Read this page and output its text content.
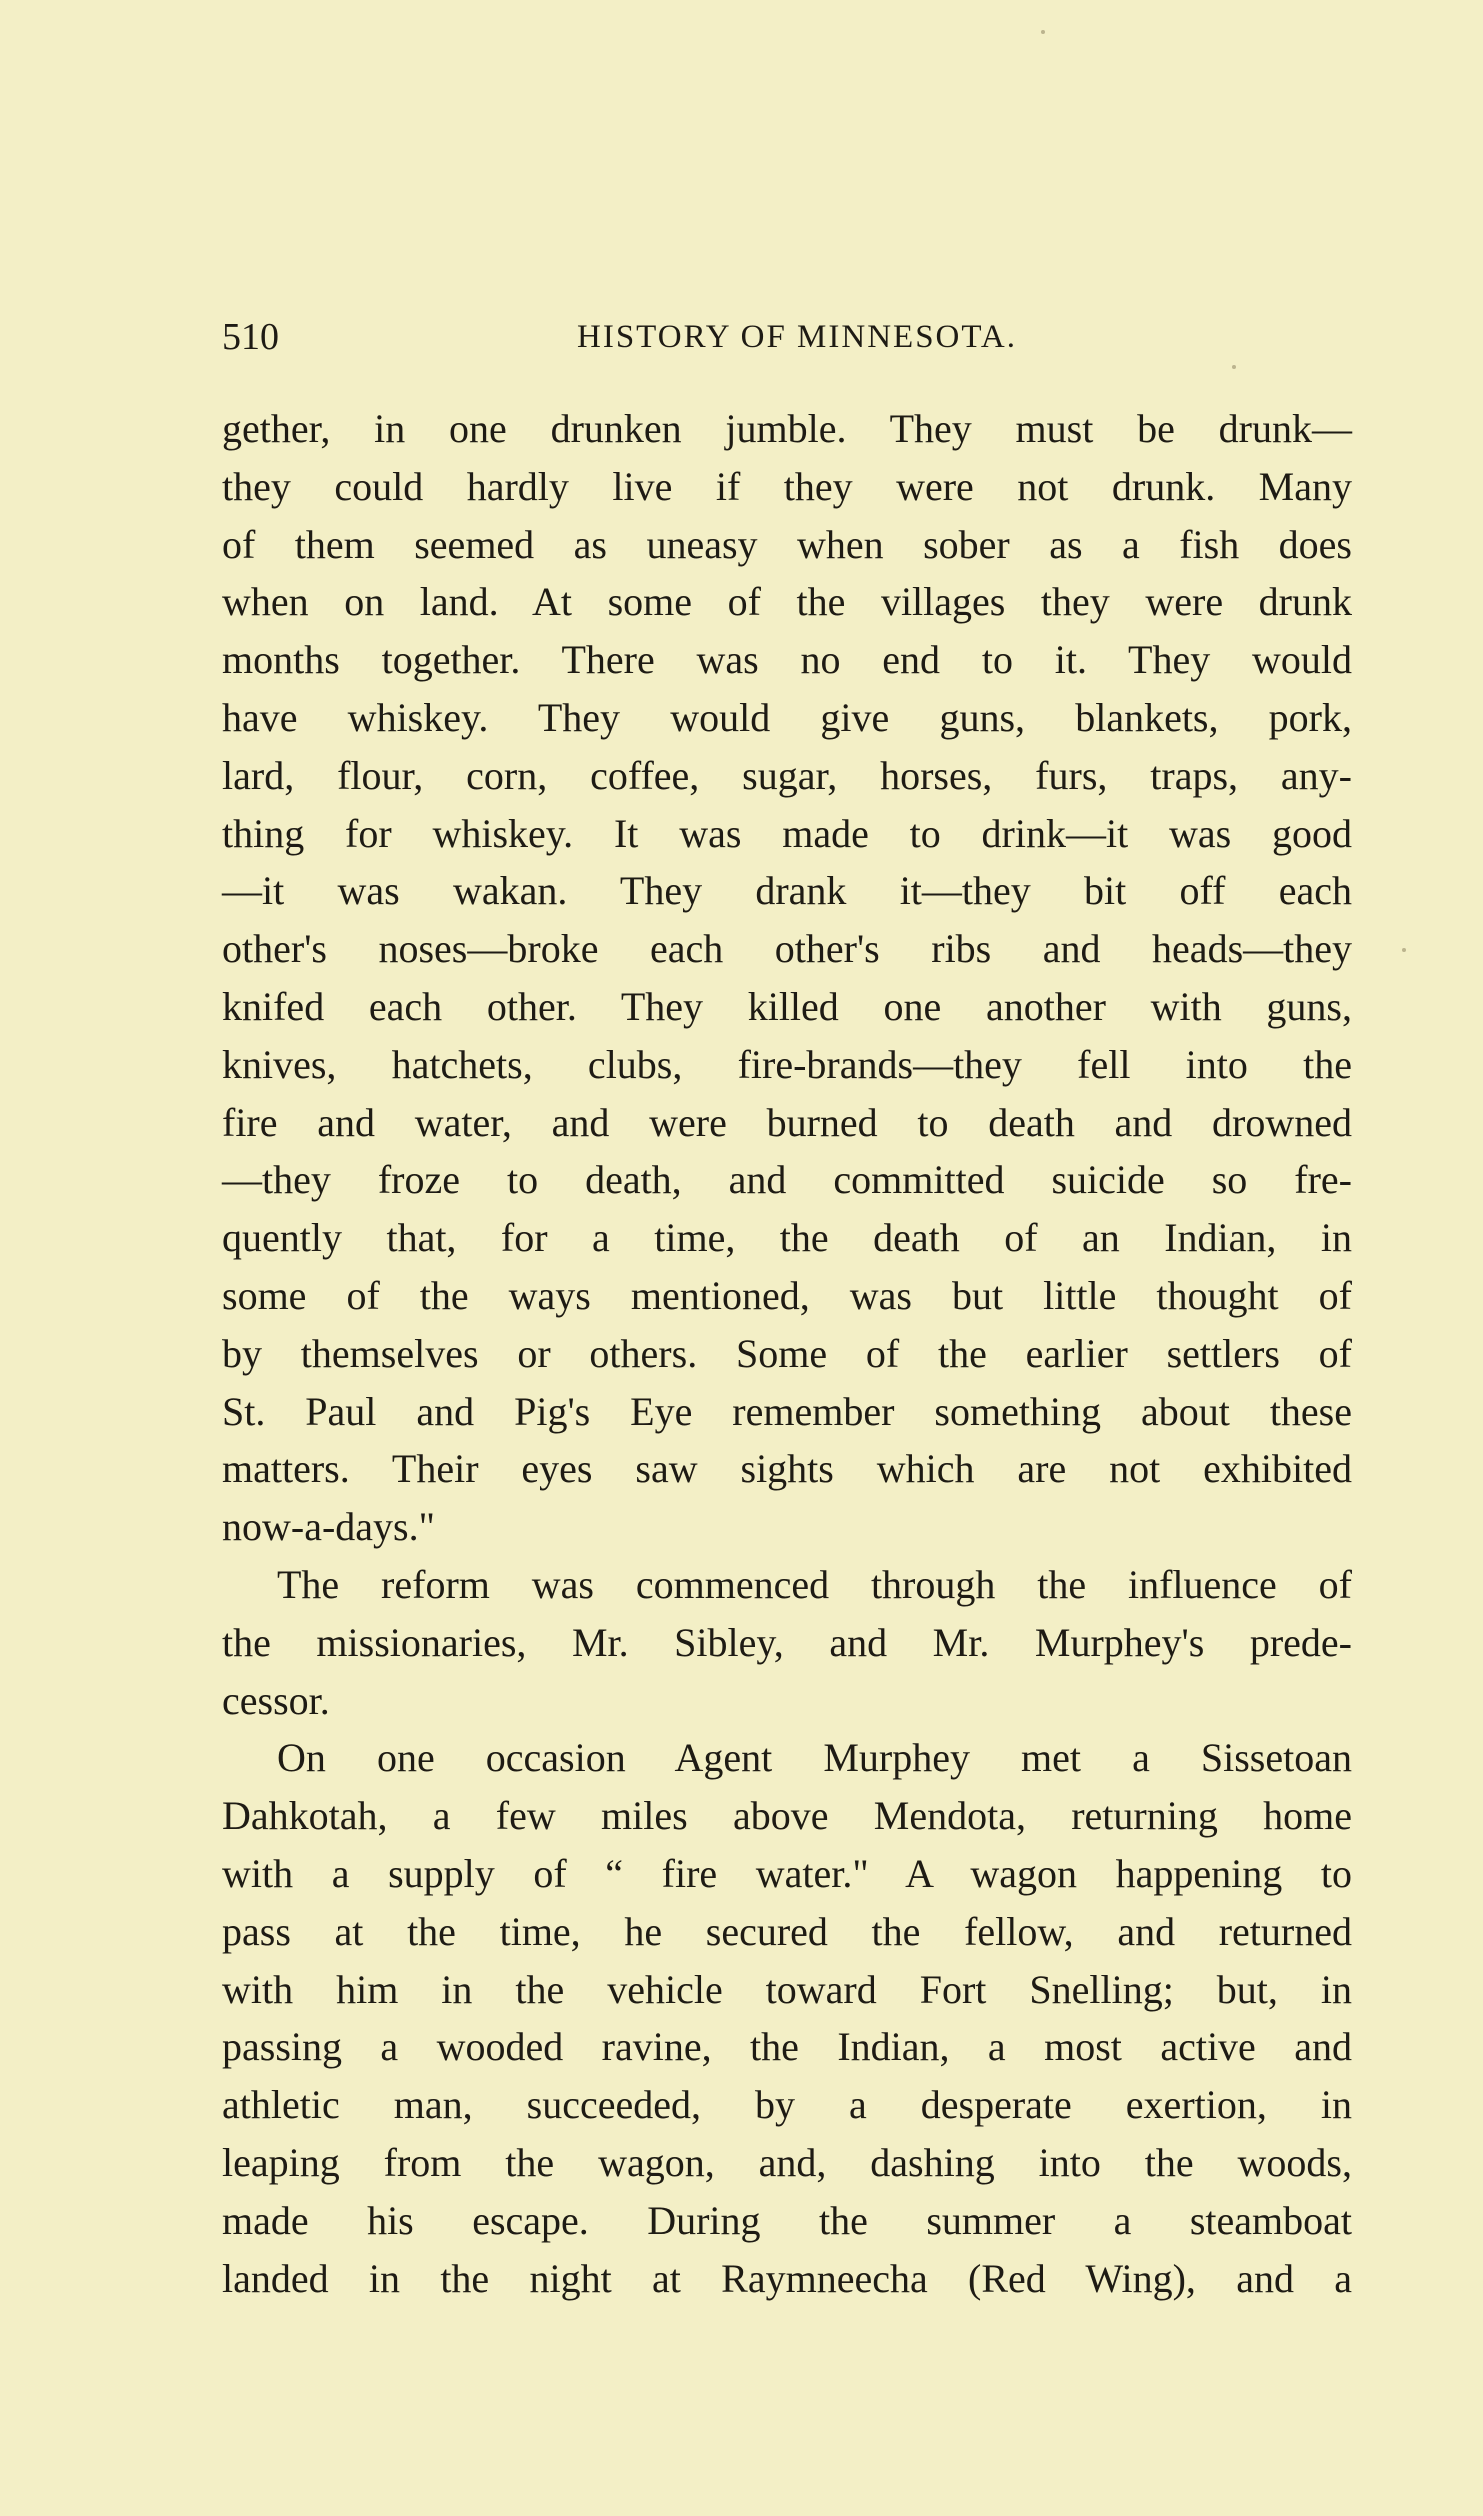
510	HISTORY OF MINNESOTA.
gether, in one drunken jumble. They must be drunk—
they could hardly live if they were not drunk. Many
of them seemed as uneasy when sober as a fish does
when on land. At some of the villages they were drunk
months together. There was no end to it. They would
have whiskey. They would give guns, blankets, pork,
lard, flour, corn, coffee, sugar, horses, furs, traps, any-
thing for whiskey. It was made to drink—it was good
—it was wakan. They drank it—they bit off each
other's noses—broke each other's ribs and heads—they
knifed each other. They killed one another with guns,
knives, hatchets, clubs, fire-brands—they fell into the
fire and water, and were burned to death and drowned
—they froze to death, and committed suicide so fre-
quently that, for a time, the death of an Indian, in
some of the ways mentioned, was but little thought of
by themselves or others. Some of the earlier settlers of
St. Paul and Pig's Eye remember something about these
matters. Their eyes saw sights which are not exhibited
now-a-days."
The reform was commenced through the influence of
the missionaries, Mr. Sibley, and Mr. Murphey's prede-
cessor.
On one occasion Agent Murphey met a Sissetoan
Dahkotah, a few miles above Mendota, returning home
with a supply of “ fire water." A wagon happening to
pass at the time, he secured the fellow, and returned
with him in the vehicle toward Fort Snelling; but, in
passing a wooded ravine, the Indian, a most active and
athletic man, succeeded, by a desperate exertion, in
leaping from the wagon, and, dashing into the woods,
made his escape. During the summer a steamboat
landed in the night at Raymneecha (Red Wing), and a
